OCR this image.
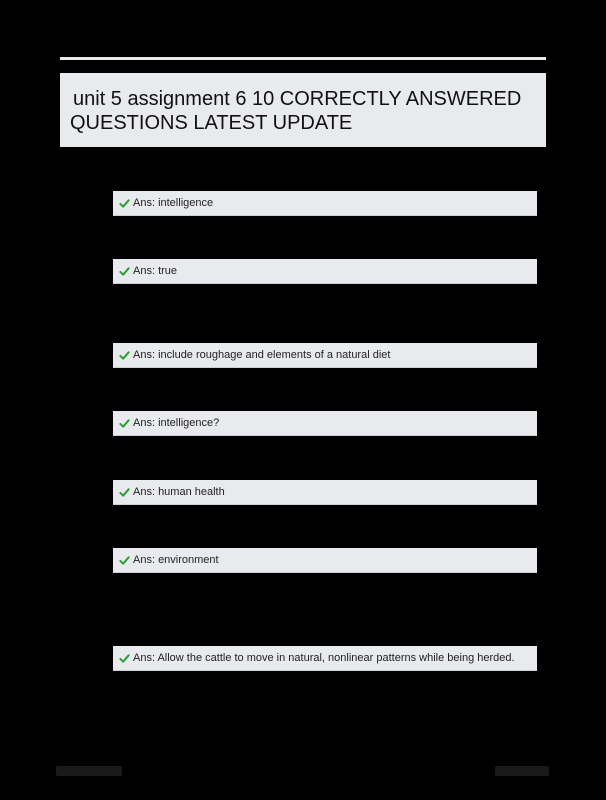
unit 5 assignment 6 10 CORRECTLY ANSWERED QUESTIONS LATEST UPDATE
Ans: intelligence
Ans: true
Ans: include roughage and elements of a natural diet
Ans: intelligence?
Ans: human health
Ans: environment
Ans: Allow the cattle to move in natural, nonlinear patterns while being herded.
